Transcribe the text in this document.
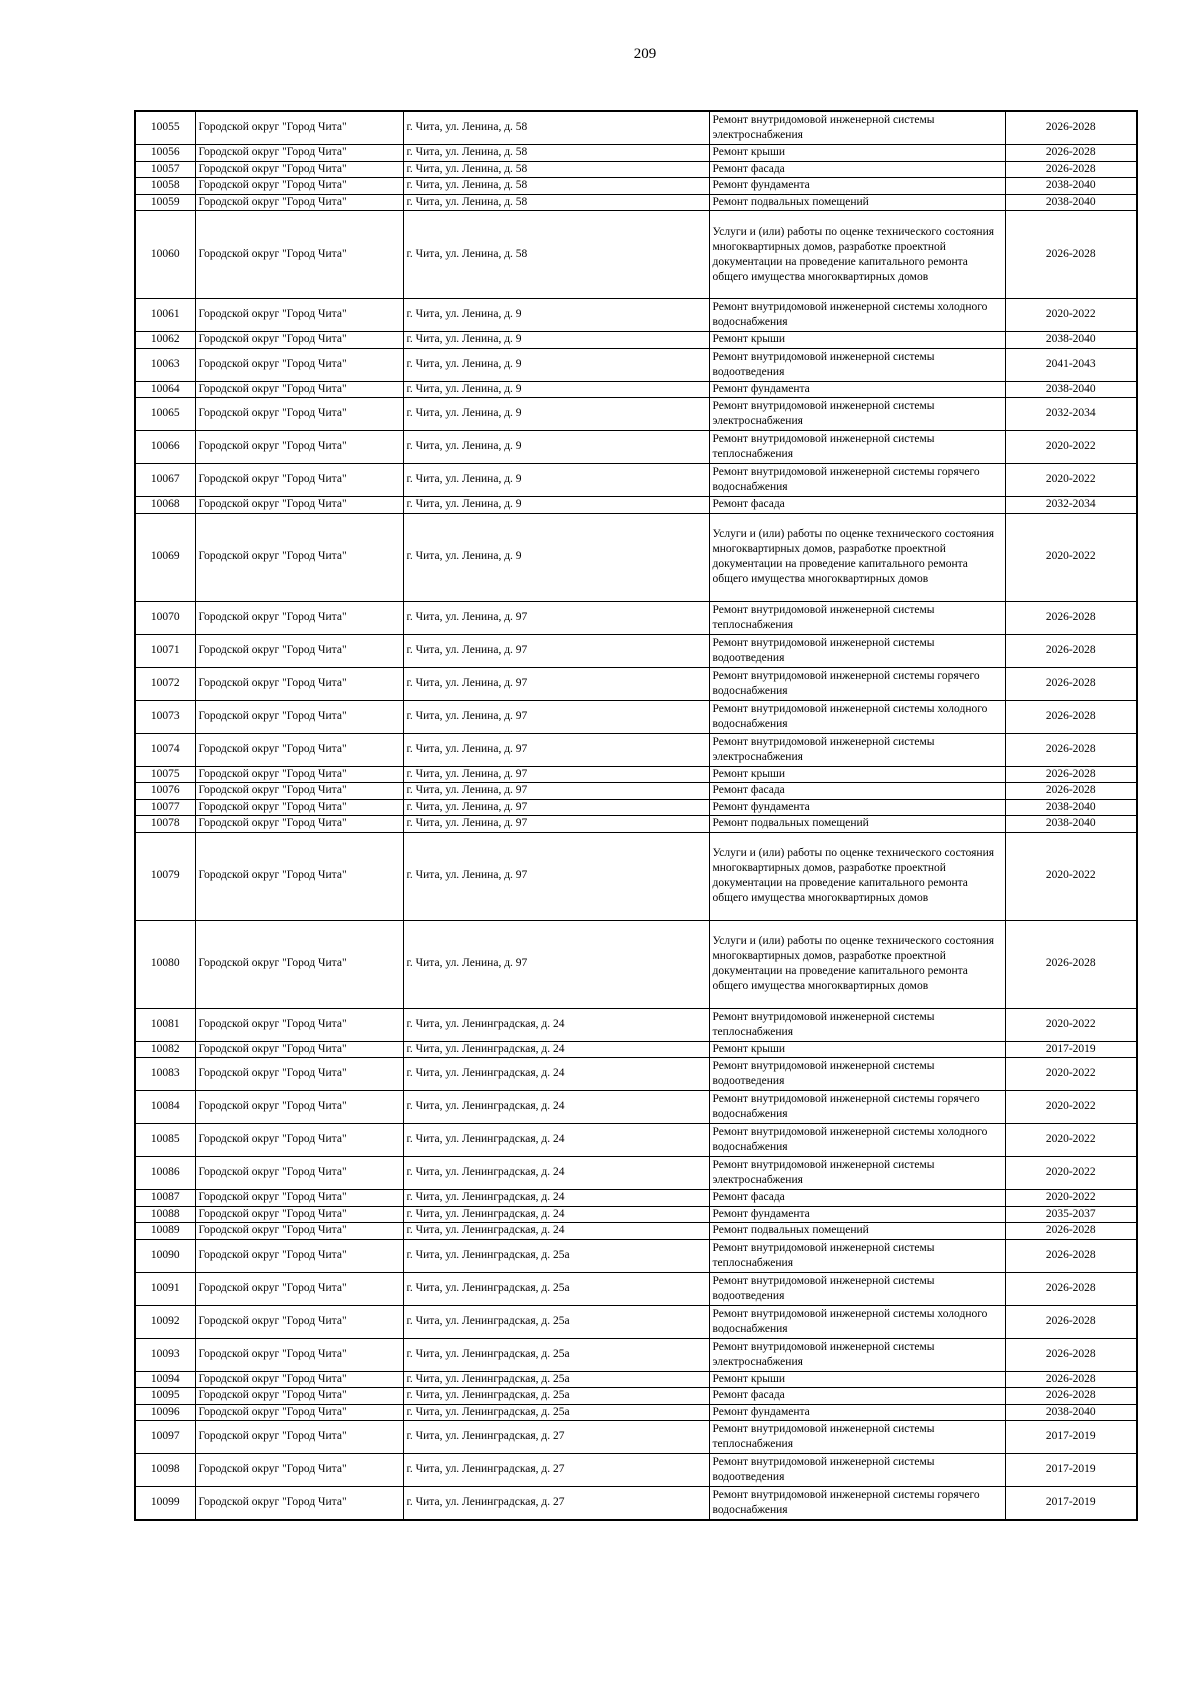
209
10055	Городской округ "Город Чита"	г. Чита, ул. Ленина, д. 58	Ремонт внутридомовой инженерной системы электроснабжения	2026-2028
10056	Городской округ "Город Чита"	г. Чита, ул. Ленина, д. 58	Ремонт крыши	2026-2028
10057	Городской округ "Город Чита"	г. Чита, ул. Ленина, д. 58	Ремонт фасада	2026-2028
10058	Городской округ "Город Чита"	г. Чита, ул. Ленина, д. 58	Ремонт фундамента	2038-2040
10059	Городской округ "Город Чита"	г. Чита, ул. Ленина, д. 58	Ремонт подвальных помещений	2038-2040
10060	Городской округ "Город Чита"	г. Чита, ул. Ленина, д. 58	Услуги и (или) работы по оценке технического состояния многоквартирных домов, разработке проектной документации на проведение капитального ремонта общего имущества многоквартирных домов	2026-2028
10061	Городской округ "Город Чита"	г. Чита, ул. Ленина, д. 9	Ремонт внутридомовой инженерной системы холодного водоснабжения	2020-2022
10062	Городской округ "Город Чита"	г. Чита, ул. Ленина, д. 9	Ремонт крыши	2038-2040
10063	Городской округ "Город Чита"	г. Чита, ул. Ленина, д. 9	Ремонт внутридомовой инженерной системы водоотведения	2041-2043
10064	Городской округ "Город Чита"	г. Чита, ул. Ленина, д. 9	Ремонт фундамента	2038-2040
10065	Городской округ "Город Чита"	г. Чита, ул. Ленина, д. 9	Ремонт внутридомовой инженерной системы электроснабжения	2032-2034
10066	Городской округ "Город Чита"	г. Чита, ул. Ленина, д. 9	Ремонт внутридомовой инженерной системы теплоснабжения	2020-2022
10067	Городской округ "Город Чита"	г. Чита, ул. Ленина, д. 9	Ремонт внутридомовой инженерной системы горячего водоснабжения	2020-2022
10068	Городской округ "Город Чита"	г. Чита, ул. Ленина, д. 9	Ремонт фасада	2032-2034
10069	Городской округ "Город Чита"	г. Чита, ул. Ленина, д. 9	Услуги и (или) работы по оценке технического состояния многоквартирных домов, разработке проектной документации на проведение капитального ремонта общего имущества многоквартирных домов	2020-2022
10070	Городской округ "Город Чита"	г. Чита, ул. Ленина, д. 97	Ремонт внутридомовой инженерной системы теплоснабжения	2026-2028
10071	Городской округ "Город Чита"	г. Чита, ул. Ленина, д. 97	Ремонт внутридомовой инженерной системы водоотведения	2026-2028
10072	Городской округ "Город Чита"	г. Чита, ул. Ленина, д. 97	Ремонт внутридомовой инженерной системы горячего водоснабжения	2026-2028
10073	Городской округ "Город Чита"	г. Чита, ул. Ленина, д. 97	Ремонт внутридомовой инженерной системы холодного водоснабжения	2026-2028
10074	Городской округ "Город Чита"	г. Чита, ул. Ленина, д. 97	Ремонт внутридомовой инженерной системы электроснабжения	2026-2028
10075	Городской округ "Город Чита"	г. Чита, ул. Ленина, д. 97	Ремонт крыши	2026-2028
10076	Городской округ "Город Чита"	г. Чита, ул. Ленина, д. 97	Ремонт фасада	2026-2028
10077	Городской округ "Город Чита"	г. Чита, ул. Ленина, д. 97	Ремонт фундамента	2038-2040
10078	Городской округ "Город Чита"	г. Чита, ул. Ленина, д. 97	Ремонт подвальных помещений	2038-2040
10079	Городской округ "Город Чита"	г. Чита, ул. Ленина, д. 97	Услуги и (или) работы по оценке технического состояния многоквартирных домов, разработке проектной документации на проведение капитального ремонта общего имущества многоквартирных домов	2020-2022
10080	Городской округ "Город Чита"	г. Чита, ул. Ленина, д. 97	Услуги и (или) работы по оценке технического состояния многоквартирных домов, разработке проектной документации на проведение капитального ремонта общего имущества многоквартирных домов	2026-2028
10081	Городской округ "Город Чита"	г. Чита, ул. Ленинградская, д. 24	Ремонт внутридомовой инженерной системы теплоснабжения	2020-2022
10082	Городской округ "Город Чита"	г. Чита, ул. Ленинградская, д. 24	Ремонт крыши	2017-2019
10083	Городской округ "Город Чита"	г. Чита, ул. Ленинградская, д. 24	Ремонт внутридомовой инженерной системы водоотведения	2020-2022
10084	Городской округ "Город Чита"	г. Чита, ул. Ленинградская, д. 24	Ремонт внутридомовой инженерной системы горячего водоснабжения	2020-2022
10085	Городской округ "Город Чита"	г. Чита, ул. Ленинградская, д. 24	Ремонт внутридомовой инженерной системы холодного водоснабжения	2020-2022
10086	Городской округ "Город Чита"	г. Чита, ул. Ленинградская, д. 24	Ремонт внутридомовой инженерной системы электроснабжения	2020-2022
10087	Городской округ "Город Чита"	г. Чита, ул. Ленинградская, д. 24	Ремонт фасада	2020-2022
10088	Городской округ "Город Чита"	г. Чита, ул. Ленинградская, д. 24	Ремонт фундамента	2035-2037
10089	Городской округ "Город Чита"	г. Чита, ул. Ленинградская, д. 24	Ремонт подвальных помещений	2026-2028
10090	Городской округ "Город Чита"	г. Чита, ул. Ленинградская, д. 25а	Ремонт внутридомовой инженерной системы теплоснабжения	2026-2028
10091	Городской округ "Город Чита"	г. Чита, ул. Ленинградская, д. 25а	Ремонт внутридомовой инженерной системы водоотведения	2026-2028
10092	Городской округ "Город Чита"	г. Чита, ул. Ленинградская, д. 25а	Ремонт внутридомовой инженерной системы холодного водоснабжения	2026-2028
10093	Городской округ "Город Чита"	г. Чита, ул. Ленинградская, д. 25а	Ремонт внутридомовой инженерной системы электроснабжения	2026-2028
10094	Городской округ "Город Чита"	г. Чита, ул. Ленинградская, д. 25а	Ремонт крыши	2026-2028
10095	Городской округ "Город Чита"	г. Чита, ул. Ленинградская, д. 25а	Ремонт фасада	2026-2028
10096	Городской округ "Город Чита"	г. Чита, ул. Ленинградская, д. 25а	Ремонт фундамента	2038-2040
10097	Городской округ "Город Чита"	г. Чита, ул. Ленинградская, д. 27	Ремонт внутридомовой инженерной системы теплоснабжения	2017-2019
10098	Городской округ "Город Чита"	г. Чита, ул. Ленинградская, д. 27	Ремонт внутридомовой инженерной системы водоотведения	2017-2019
10099	Городской округ "Город Чита"	г. Чита, ул. Ленинградская, д. 27	Ремонт внутридомовой инженерной системы горячего водоснабжения	2017-2019
